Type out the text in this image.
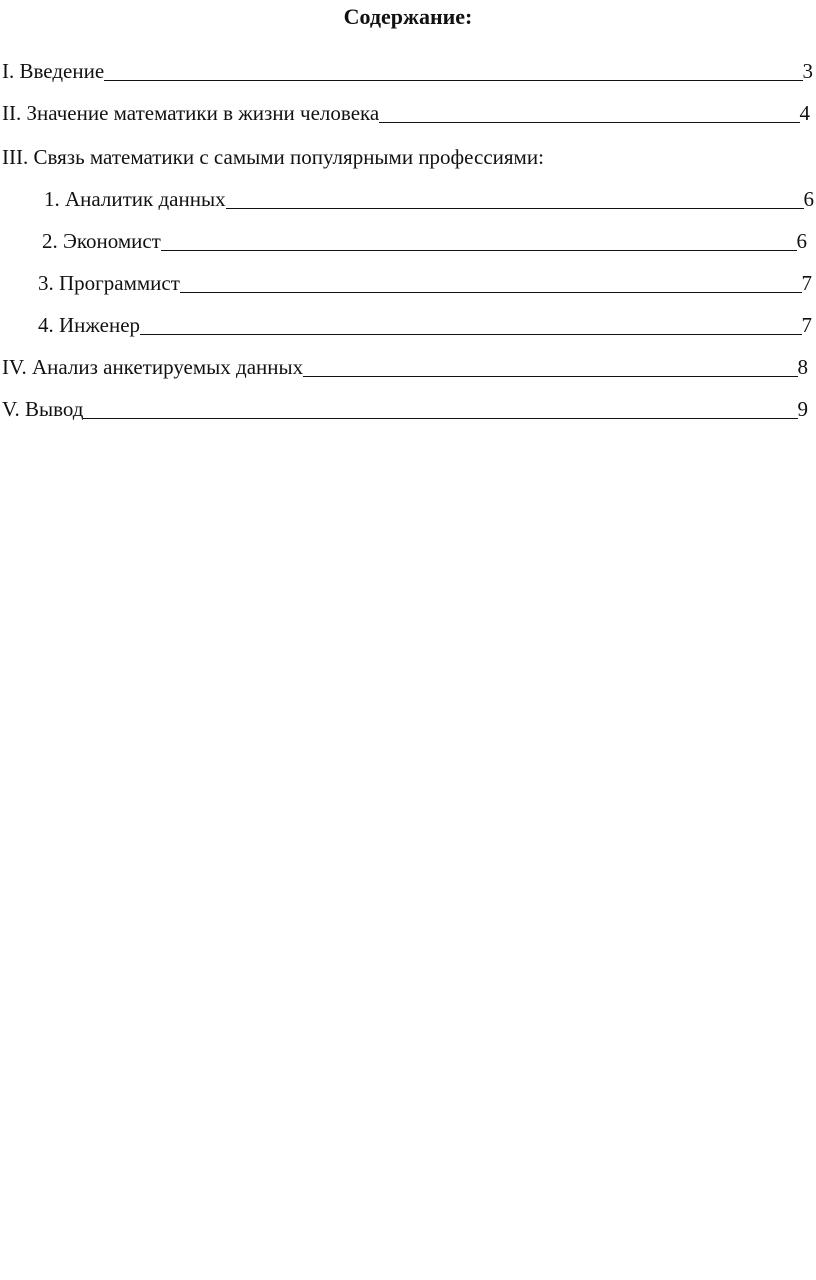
Содержание:
I. Введение	3
II. Значение математики в жизни человека	4
III. Связь математики с самыми популярными профессиями:
1. Аналитик данных	6
2. Экономист	6
3. Программист	7
4. Инженер	7
IV. Анализ анкетируемых данных	8
V. Вывод	9
